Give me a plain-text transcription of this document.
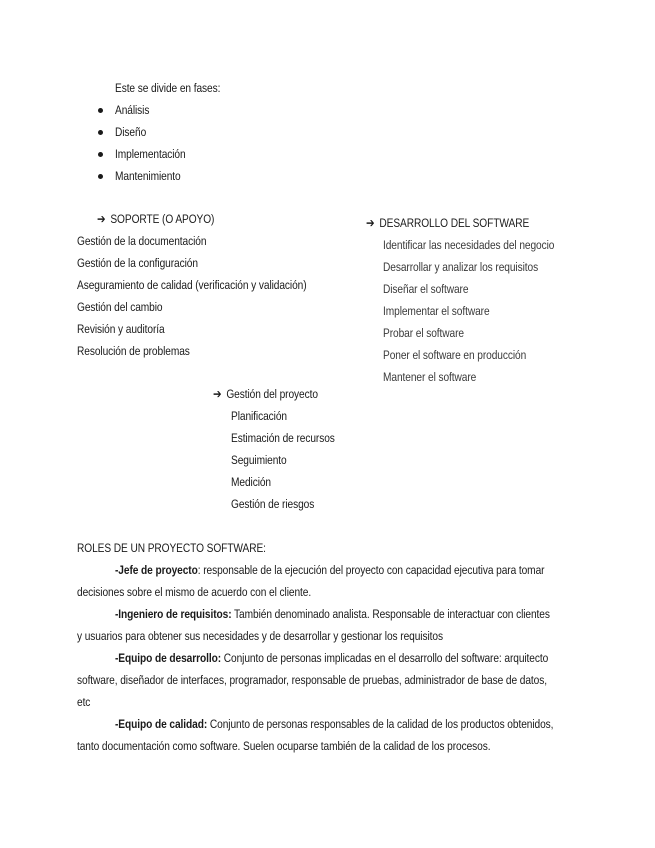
Este se divide en fases:
Análisis
Diseño
Implementación
Mantenimiento
➔ SOPORTE (O APOYO)
Gestión de la documentación
Gestión de la configuración
Aseguramiento de calidad (verificación y validación)
Gestión del cambio
Revisión y auditoría
Resolución de problemas
➔ DESARROLLO DEL SOFTWARE
Identificar las necesidades del negocio
Desarrollar y analizar los requisitos
Diseñar el software
Implementar el software
Probar el software
Poner el software en producción
Mantener el software
➔ Gestión del proyecto
Planificación
Estimación de recursos
Seguimiento
Medición
Gestión de riesgos
ROLES DE UN PROYECTO SOFTWARE:
-Jefe de proyecto: responsable de la ejecución del proyecto con capacidad ejecutiva para tomar
decisiones sobre el mismo de acuerdo con el cliente.
-Ingeniero de requisitos: También denominado analista. Responsable de interactuar con clientes
y usuarios para obtener sus necesidades y de desarrollar y gestionar los requisitos
-Equipo de desarrollo: Conjunto de personas implicadas en el desarrollo del software: arquitecto
software, diseñador de interfaces, programador, responsable de pruebas, administrador de base de datos,
etc
-Equipo de calidad: Conjunto de personas responsables de la calidad de los productos obtenidos,
tanto documentación como software. Suelen ocuparse también de la calidad de los procesos.
